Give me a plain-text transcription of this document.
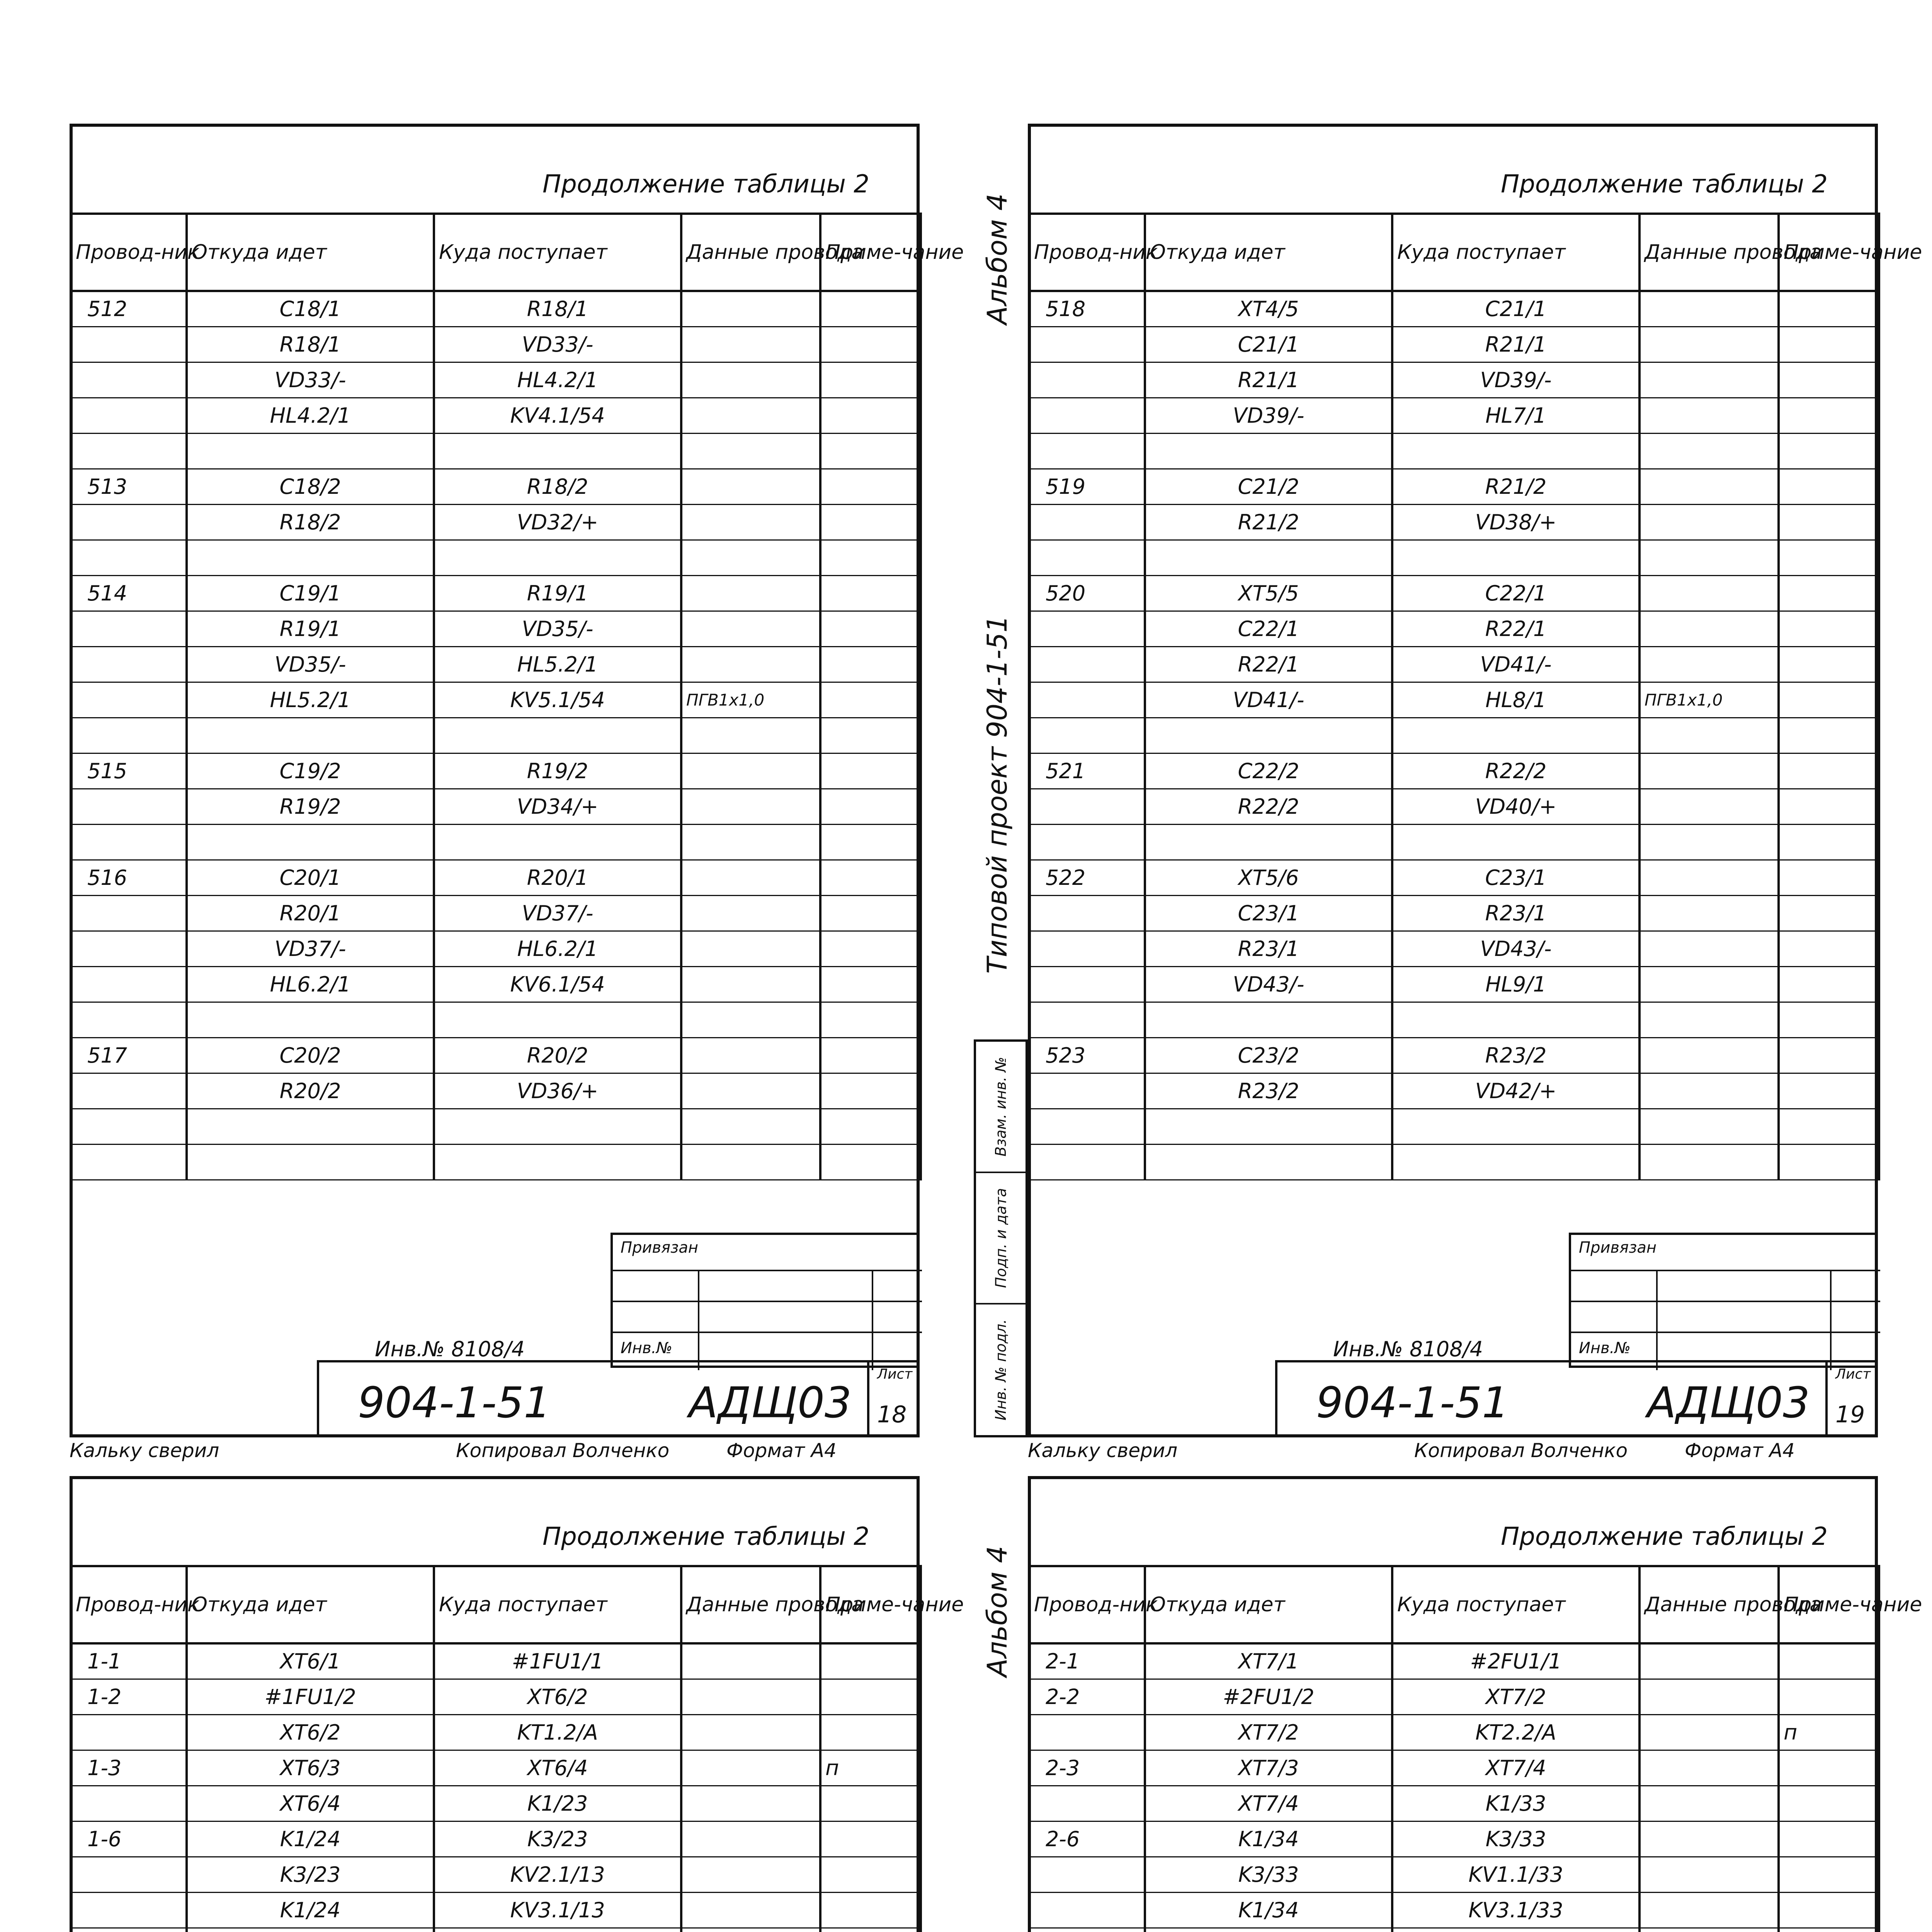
Продолжение таблицы 2
Провод-ник	Откуда идет	Куда поступает	Данные провода	Приме-чание
512	C18/1	R18/1		
	R18/1	VD33/-		
	VD33/-	HL4.2/1		
	HL4.2/1	KV4.1/54		

513	C18/2	R18/2		
	R18/2	VD32/+		

514	C19/1	R19/1		
	R19/1	VD35/-		
	VD35/-	HL5.2/1		
	HL5.2/1	KV5.1/54	ПГВ1х1,0	

515	C19/2	R19/2		
	R19/2	VD34/+		

516	C20/1	R20/1		
	R20/1	VD37/-		
	VD37/-	HL6.2/1		
	HL6.2/1	KV6.1/54		

517	C20/2	R20/2		
	R20/2	VD36/+		

Привязан
Инв.№
Инв.№ 8108/4
904-1-51	АДЩ03
Лист
18
Кальку сверил	Копировал Волченко	Формат А4
Типовой проект 904-1-51
Альбом 4
Взам. инв. №
Подп. и дата
Инв. № подл.
Продолжение таблицы 2
Провод-ник	Откуда идет	Куда поступает	Данные провода	Приме-чание
518	XT4/5	C21/1		
	C21/1	R21/1		
	R21/1	VD39/-		
	VD39/-	HL7/1		

519	C21/2	R21/2		
	R21/2	VD38/+		

520	XT5/5	C22/1		
	C22/1	R22/1		
	R22/1	VD41/-		
	VD41/-	HL8/1	ПГВ1х1,0	

521	C22/2	R22/2		
	R22/2	VD40/+		

522	XT5/6	C23/1		
	C23/1	R23/1		
	R23/1	VD43/-		
	VD43/-	HL9/1		

523	C23/2	R23/2		
	R23/2	VD42/+		

Привязан
Инв.№
Инв.№ 8108/4
904-1-51	АДЩ03
Лист
19
Кальку сверил	Копировал Волченко	Формат А4
Продолжение таблицы 2
Провод-ник	Откуда идет	Куда поступает	Данные провода	Приме-чание
1-1	XT6/1	#1FU1/1		
1-2	#1FU1/2	XT6/2		
	XT6/2	KT1.2/A		
1-3	XT6/3	XT6/4		п
	XT6/4	K1/23		
1-6	K1/24	K3/23		
	K3/23	KV2.1/13		
	K1/24	KV3.1/13		

Альбом 4
Продолжение таблицы 2
Провод-ник	Откуда идет	Куда поступает	Данные провода	Приме-чание
2-1	XT7/1	#2FU1/1		
2-2	#2FU1/2	XT7/2		
	XT7/2	KT2.2/A		п
2-3	XT7/3	XT7/4		
	XT7/4	K1/33		
2-6	K1/34	K3/33		
	K3/33	KV1.1/33		
	K1/34	KV3.1/33		
